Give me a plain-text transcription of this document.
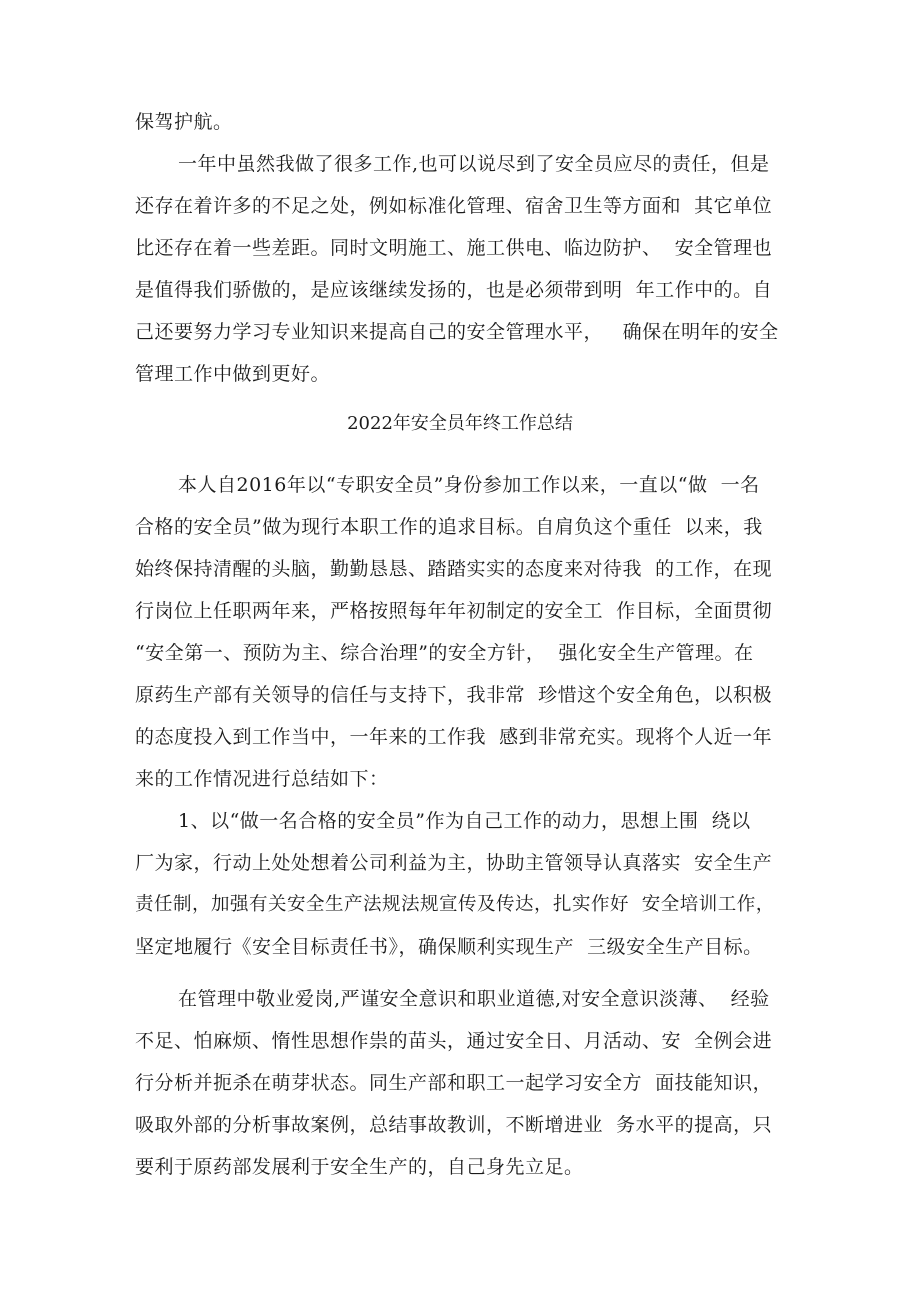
保驾护航。
一年中虽然我做了很多工作,也可以说尽到了安全员应尽的责任，但是
还存在着许多的不足之处，例如标准化管理、宿舍卫生等方面和  其它单位
比还存在着一些差距。同时文明施工、施工供电、临边防护、  安全管理也
是值得我们骄傲的，是应该继续发扬的，也是必须带到明  年工作中的。自
己还要努力学习专业知识来提高自己的安全管理水平，   确保在明年的安全
管理工作中做到更好。
2022年安全员年终工作总结
本人自2016年以“专职安全员”身份参加工作以来，一直以“做  一名
合格的安全员”做为现行本职工作的追求目标。自肩负这个重任  以来，我
始终保持清醒的头脑，勤勤恳恳、踏踏实实的态度来对待我  的工作，在现
行岗位上任职两年来，严格按照每年年初制定的安全工  作目标，全面贯彻
“安全第一、预防为主、综合治理”的安全方针，  强化安全生产管理。在
原药生产部有关领导的信任与支持下，我非常  珍惜这个安全角色，以积极
的态度投入到工作当中，一年来的工作我  感到非常充实。现将个人近一年
来的工作情况进行总结如下：
1、以“做一名合格的安全员”作为自己工作的动力，思想上围  绕以
厂为家，行动上处处想着公司利益为主，协助主管领导认真落实  安全生产
责任制，加强有关安全生产法规法规宣传及传达，扎实作好  安全培训工作，
坚定地履行《安全目标责任书》，确保顺利实现生产  三级安全生产目标。
在管理中敬业爱岗,严谨安全意识和职业道德,对安全意识淡薄、  经验
不足、怕麻烦、惰性思想作祟的苗头，通过安全日、月活动、安  全例会进
行分析并扼杀在萌芽状态。同生产部和职工一起学习安全方  面技能知识，
吸取外部的分析事故案例，总结事故教训，不断增进业  务水平的提高，只
要利于原药部发展利于安全生产的，自己身先立足。
